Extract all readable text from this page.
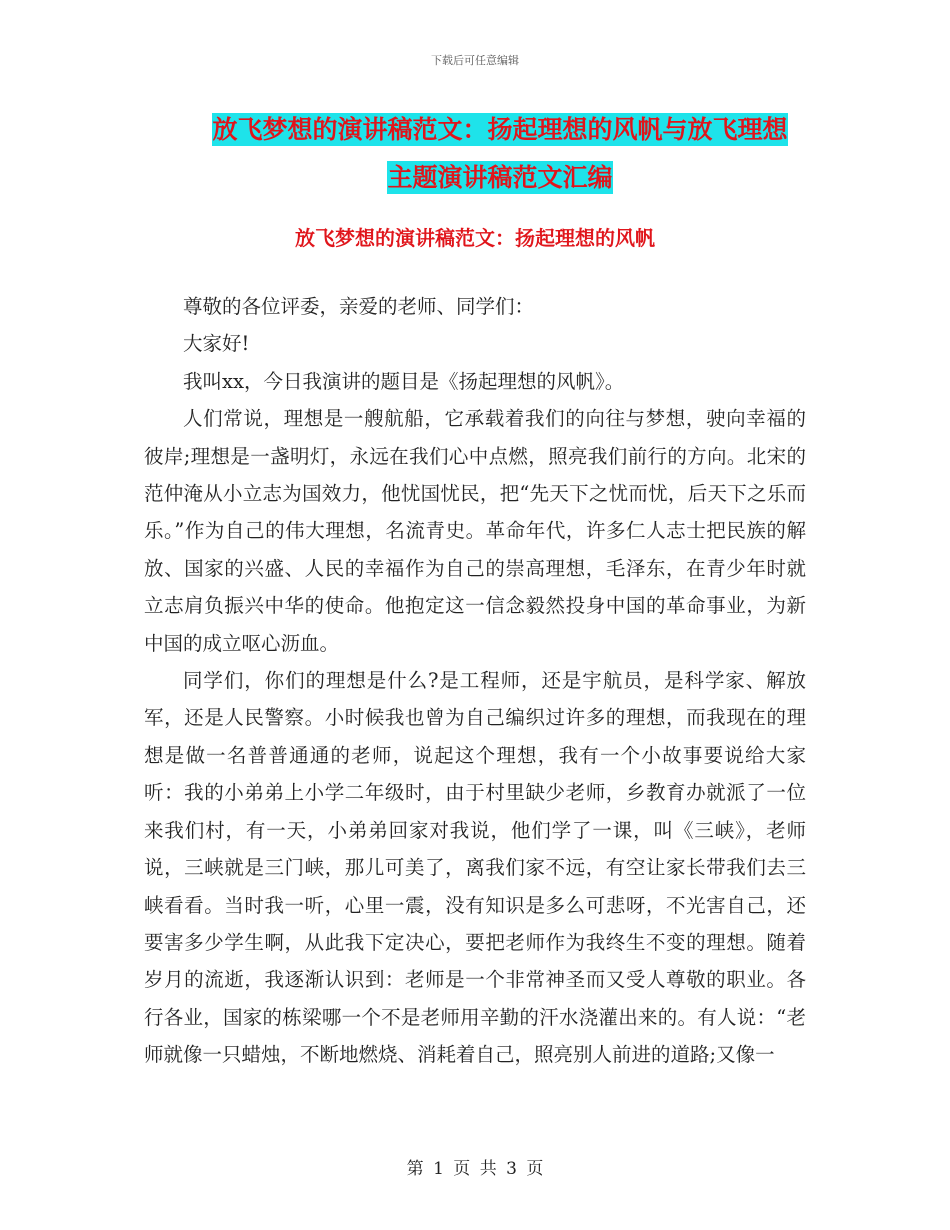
下载后可任意编辑
放飞梦想的演讲稿范文：扬起理想的风帆与放飞理想
主题演讲稿范文汇编
放飞梦想的演讲稿范文：扬起理想的风帆

尊敬的各位评委，亲爱的老师、同学们：

大家好!

我叫xx，今日我演讲的题目是《扬起理想的风帆》。

人们常说，理想是一艘航船，它承载着我们的向往与梦想，驶向幸福的彼岸;理想是一盏明灯，永远在我们心中点燃，照亮我们前行的方向。北宋的范仲淹从小立志为国效力，他忧国忧民，把“先天下之忧而忧，后天下之乐而乐。”作为自己的伟大理想，名流青史。革命年代，许多仁人志士把民族的解放、国家的兴盛、人民的幸福作为自己的崇高理想，毛泽东，在青少年时就立志肩负振兴中华的使命。他抱定这一信念毅然投身中国的革命事业，为新中国的成立呕心沥血。

同学们，你们的理想是什么?是工程师，还是宇航员，是科学家、解放军，还是人民警察。小时候我也曾为自己编织过许多的理想，而我现在的理想是做一名普普通通的老师，说起这个理想，我有一个小故事要说给大家听：我的小弟弟上小学二年级时，由于村里缺少老师，乡教育办就派了一位来我们村，有一天，小弟弟回家对我说，他们学了一课，叫《三峡》，老师说，三峡就是三门峡，那儿可美了，离我们家不远，有空让家长带我们去三峡看看。当时我一听，心里一震，没有知识是多么可悲呀，不光害自己，还要害多少学生啊，从此我下定决心，要把老师作为我终生不变的理想。随着岁月的流逝，我逐渐认识到：老师是一个非常神圣而又受人尊敬的职业。各行各业，国家的栋梁哪一个不是老师用辛勤的汗水浇灌出来的。有人说：“老师就像一只蜡烛，不断地燃烧、消耗着自己，照亮别人前进的道路;又像一

第 1 页 共 3 页
